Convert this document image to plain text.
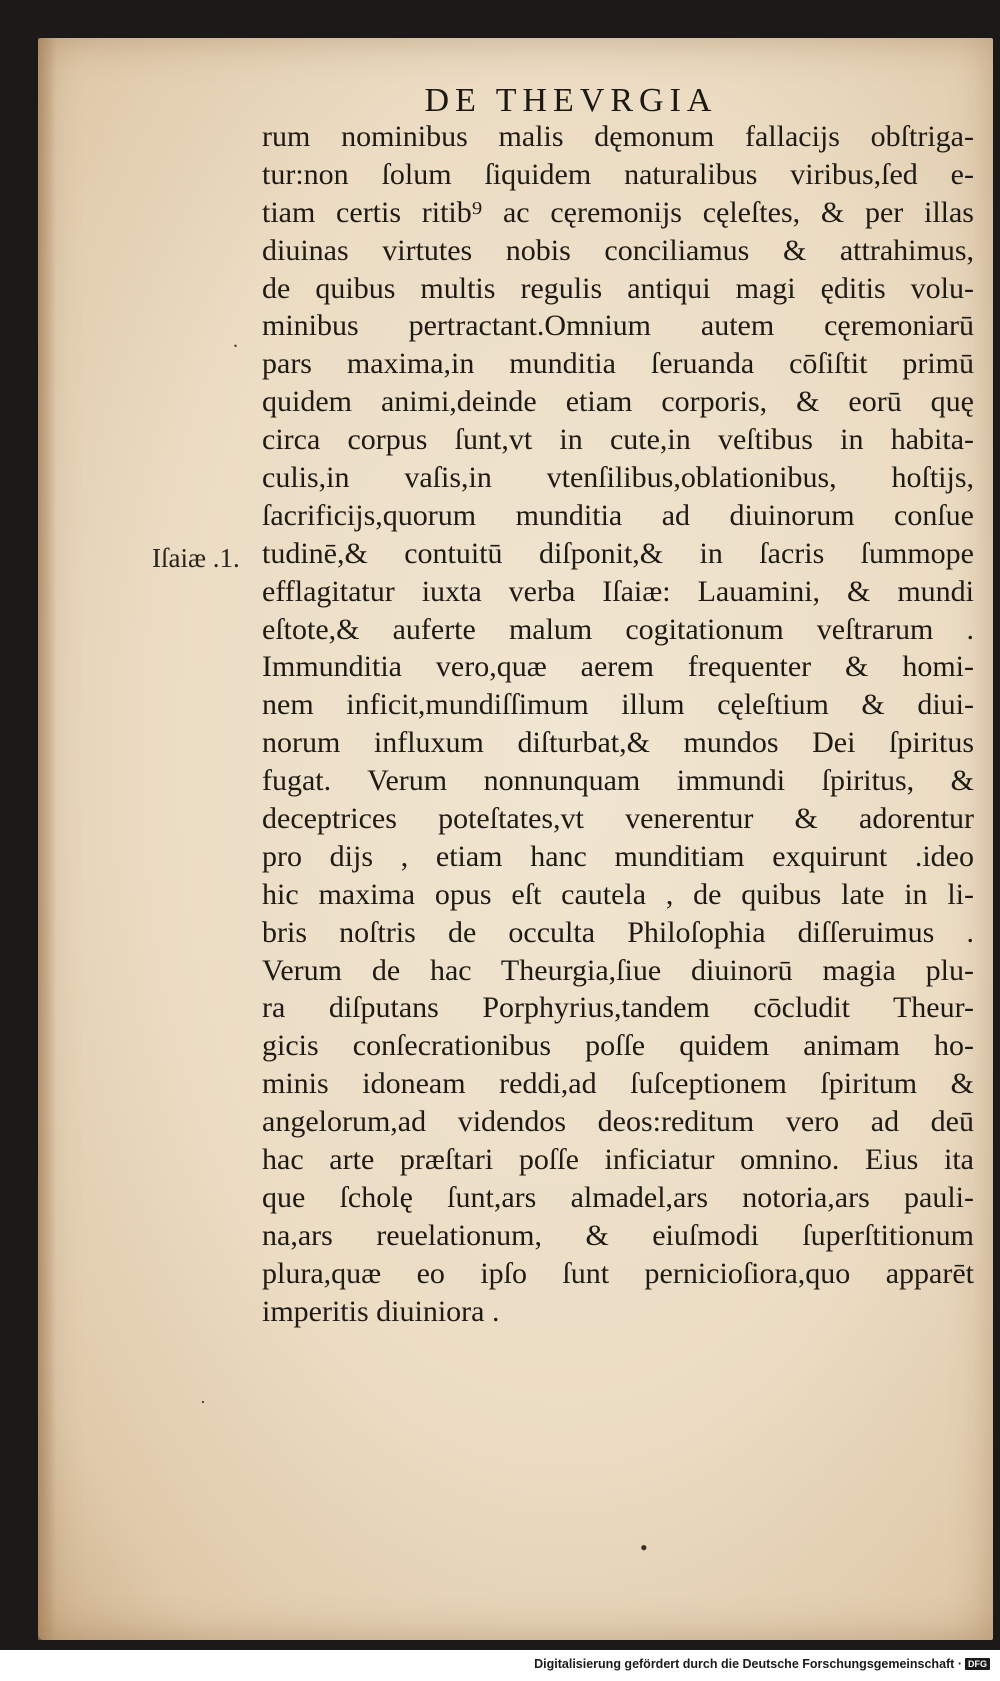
DE THEVRGIA
Iſaiæ .1.
rum nominibus malis dęmonum fallacijs obſtriga-
tur:non ſolum ſiquidem naturalibus viribus,ſed e-
tiam certis ritib⁹ ac cęremonijs cęleſtes, & per illas
diuinas virtutes nobis conciliamus & attrahimus,
de quibus multis regulis antiqui magi ęditis volu-
minibus pertractant.Omnium autem cęremoniarū
pars maxima,in munditia ſeruanda cōſiſtit primū
quidem animi,deinde etiam corporis, & eorū quę
circa corpus ſunt,vt in cute,in veſtibus in habita-
culis,in vaſis,in vtenſilibus,oblationibus, hoſtijs,
ſacrificijs,quorum munditia ad diuinorum conſue
tudinē,& contuitū diſponit,& in ſacris ſummope
efflagitatur iuxta verba Iſaiæ: Lauamini, & mundi
eſtote,& auferte malum cogitationum veſtrarum .
Immunditia vero,quæ aerem frequenter & homi-
nem inficit,mundiſſimum illum cęleſtium & diui-
norum influxum diſturbat,& mundos Dei ſpiritus
fugat. Verum nonnunquam immundi ſpiritus, &
deceptrices poteſtates,vt venerentur & adorentur
pro dijs , etiam hanc munditiam exquirunt .ideo
hic maxima opus eſt cautela , de quibus late in li-
bris noſtris de occulta Philoſophia diſſeruimus .
Verum de hac Theurgia,ſiue diuinorū magia plu-
ra diſputans Porphyrius,tandem cōcludit Theur-
gicis conſecrationibus poſſe quidem animam ho-
minis idoneam reddi,ad ſuſceptionem ſpiritum &
angelorum,ad videndos deos:reditum vero ad deū
hac arte præſtari poſſe inficiatur omnino. Eius ita
que ſcholę ſunt,ars almadel,ars notoria,ars pauli-
na,ars reuelationum, & eiuſmodi ſuperſtitionum
plura,quæ eo ipſo ſunt pernicioſiora,quo apparēt
imperitis diuiniora .
.
·
•
Digitalisierung gefördert durch die Deutsche Forschungsgemeinschaft · DFG
